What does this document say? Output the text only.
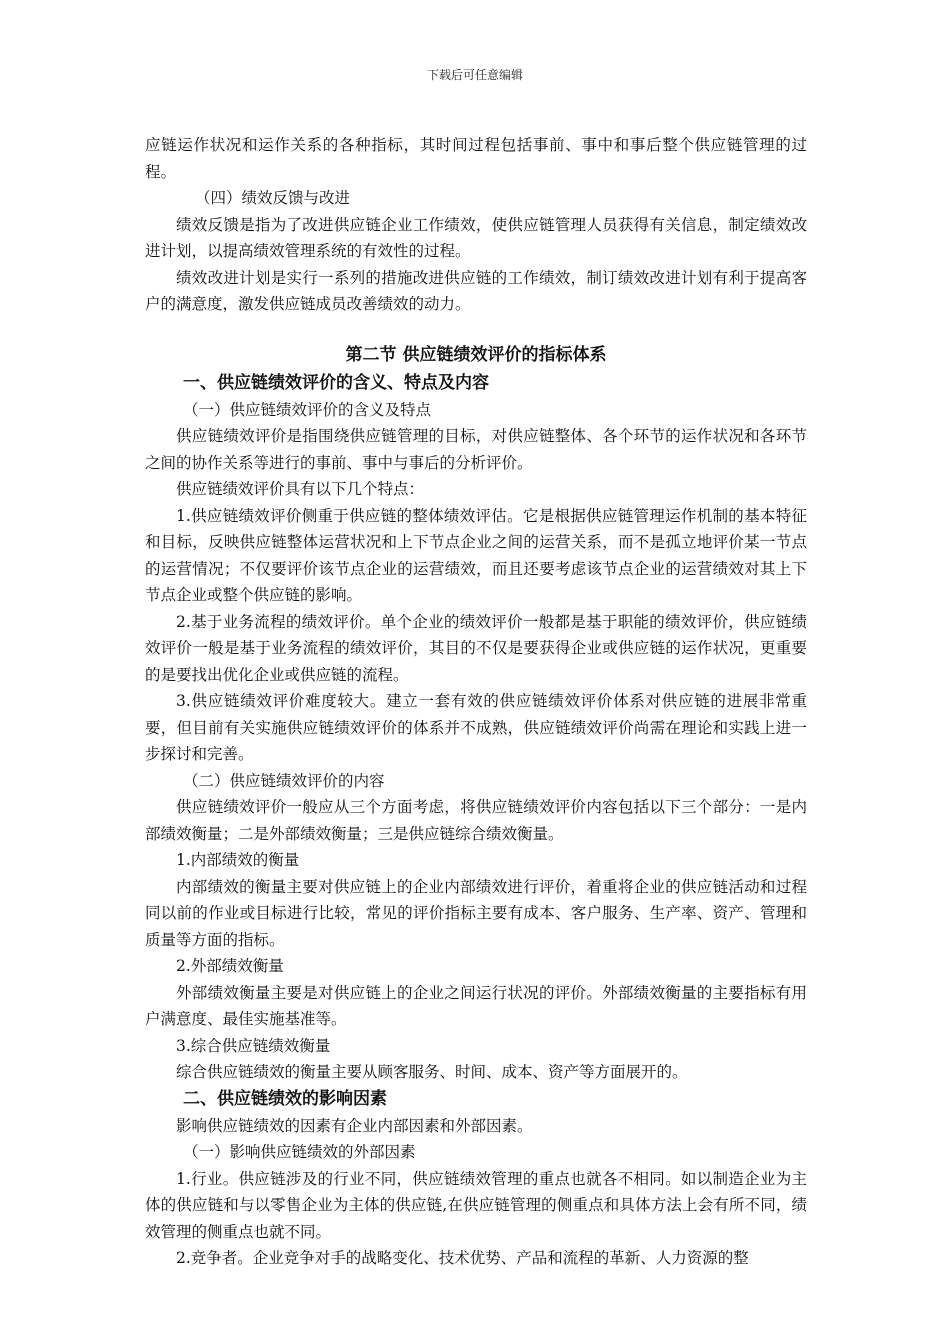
下载后可任意编辑

应链运作状况和运作关系的各种指标，其时间过程包括事前、事中和事后整个供应链管理的过程。

（四）绩效反馈与改进

绩效反馈是指为了改进供应链企业工作绩效，使供应链管理人员获得有关信息，制定绩效改进计划，以提高绩效管理系统的有效性的过程。

绩效改进计划是实行一系列的措施改进供应链的工作绩效，制订绩效改进计划有利于提高客户的满意度，激发供应链成员改善绩效的动力。

第二节 供应链绩效评价的指标体系
一、供应链绩效评价的含义、特点及内容

（一）供应链绩效评价的含义及特点

供应链绩效评价是指围绕供应链管理的目标，对供应链整体、各个环节的运作状况和各环节之间的协作关系等进行的事前、事中与事后的分析评价。

供应链绩效评价具有以下几个特点：

1.供应链绩效评价侧重于供应链的整体绩效评估。它是根据供应链管理运作机制的基本特征和目标，反映供应链整体运营状况和上下节点企业之间的运营关系，而不是孤立地评价某一节点的运营情况；不仅要评价该节点企业的运营绩效，而且还要考虑该节点企业的运营绩效对其上下节点企业或整个供应链的影响。

2.基于业务流程的绩效评价。单个企业的绩效评价一般都是基于职能的绩效评价，供应链绩效评价一般是基于业务流程的绩效评价，其目的不仅是要获得企业或供应链的运作状况，更重要的是要找出优化企业或供应链的流程。

3.供应链绩效评价难度较大。建立一套有效的供应链绩效评价体系对供应链的进展非常重要，但目前有关实施供应链绩效评价的体系并不成熟，供应链绩效评价尚需在理论和实践上进一步探讨和完善。

（二）供应链绩效评价的内容

供应链绩效评价一般应从三个方面考虑，将供应链绩效评价内容包括以下三个部分：一是内部绩效衡量；二是外部绩效衡量；三是供应链综合绩效衡量。

1.内部绩效的衡量

内部绩效的衡量主要对供应链上的企业内部绩效进行评价，着重将企业的供应链活动和过程同以前的作业或目标进行比较，常见的评价指标主要有成本、客户服务、生产率、资产、管理和质量等方面的指标。

2.外部绩效衡量

外部绩效衡量主要是对供应链上的企业之间运行状况的评价。外部绩效衡量的主要指标有用户满意度、最佳实施基准等。

3.综合供应链绩效衡量

综合供应链绩效的衡量主要从顾客服务、时间、成本、资产等方面展开的。

二、供应链绩效的影响因素

影响供应链绩效的因素有企业内部因素和外部因素。

（一）影响供应链绩效的外部因素

1.行业。供应链涉及的行业不同，供应链绩效管理的重点也就各不相同。如以制造企业为主体的供应链和与以零售企业为主体的供应链,在供应链管理的侧重点和具体方法上会有所不同，绩效管理的侧重点也就不同。

2.竞争者。企业竞争对手的战略变化、技术优势、产品和流程的革新、人力资源的整
